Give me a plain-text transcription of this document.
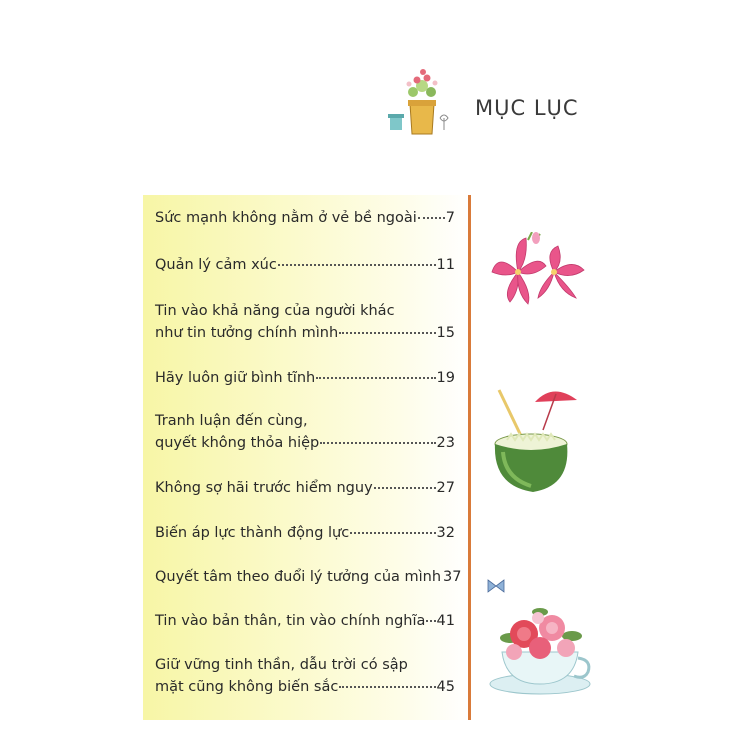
MỤC LỤC
Sức mạnh không nằm ở vẻ bề ngoài 7
Quản lý cảm xúc	11
Tin vào khả năng của người khác
như tin tưởng chính mình	15
Hãy luôn giữ bình tĩnh	19
Tranh luận đến cùng,
quyết không thỏa hiệp	23
Không sợ hãi trước hiểm nguy	27
Biến áp lực thành động lực	32
Quyết tâm theo đuổi lý tưởng của mình 37
Tin vào bản thân, tin vào chính nghĩa 41
Giữ vững tinh thần, dẫu trời có sập
mặt cũng không biến sắc	45
